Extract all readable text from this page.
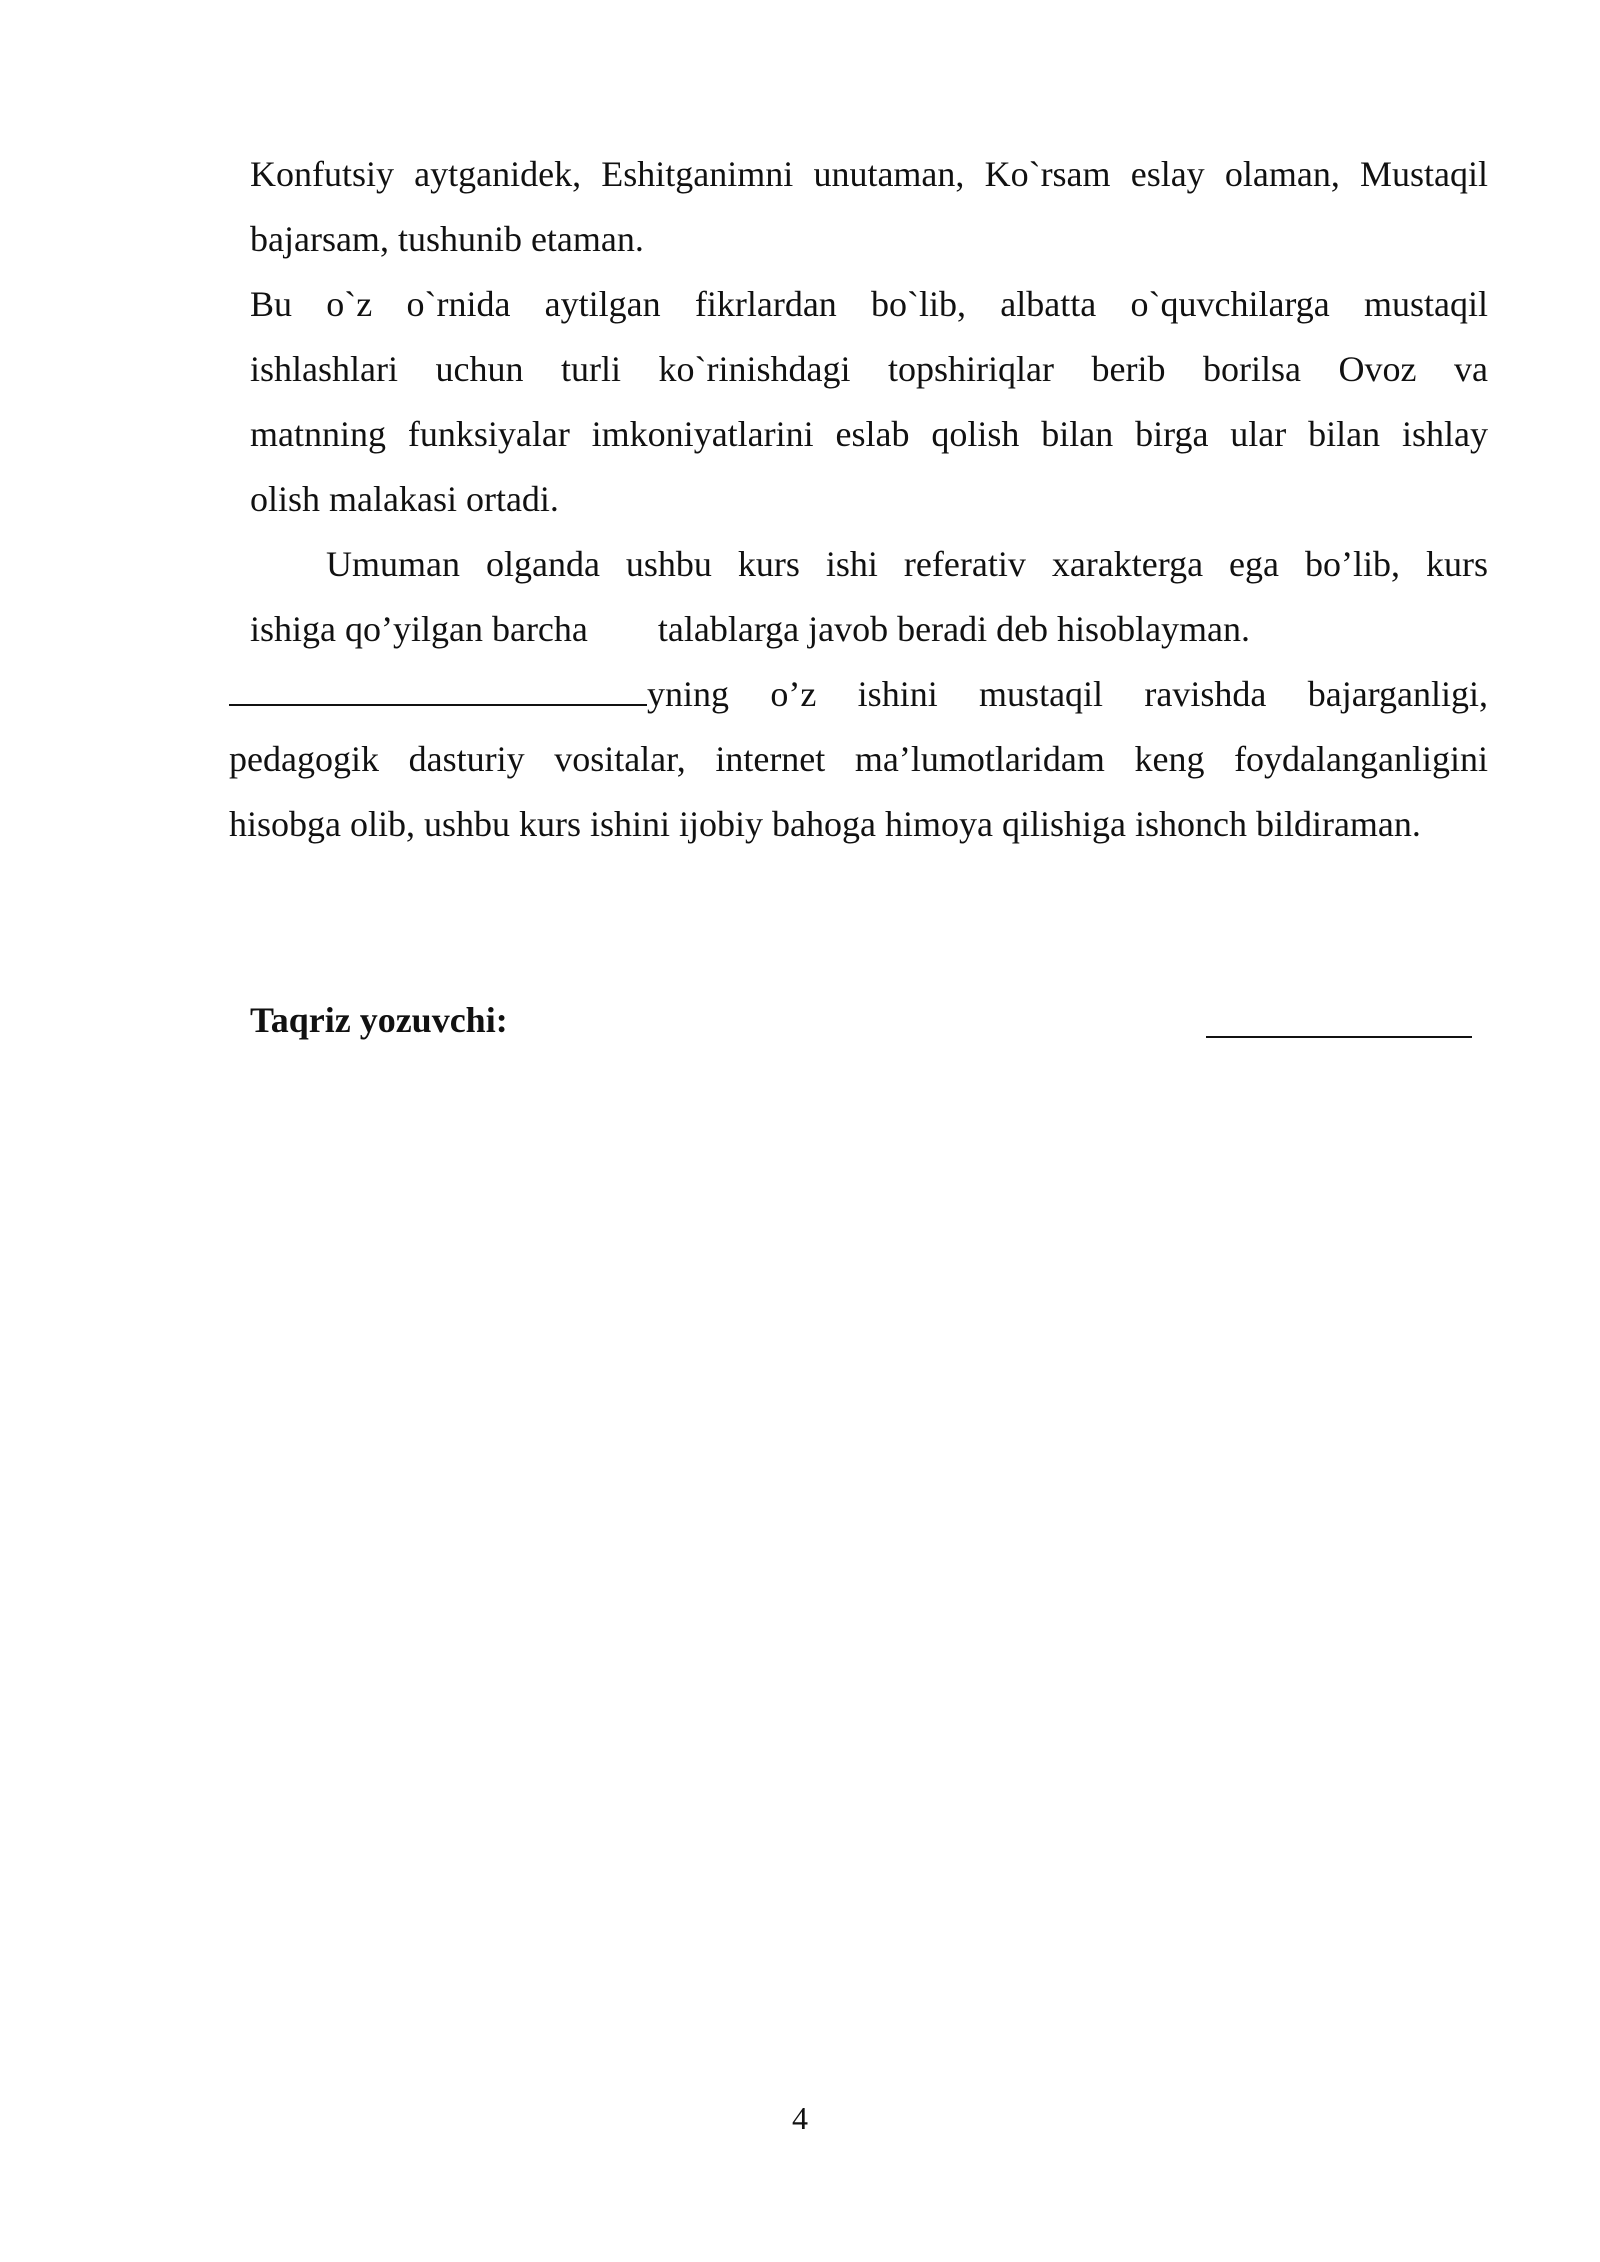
Konfutsiy aytganidek, Eshitganimni unutaman, Ko`rsam eslay olaman, Mustaqil
bajarsam, tushunib etaman.
Bu o`z o`rnida aytilgan fikrlardan bo`lib, albatta o`quvchilarga mustaqil
ishlashlari uchun turli ko`rinishdagi topshiriqlar berib borilsa Ovoz va
matnning funksiyalar imkoniyatlarini eslab qolish bilan birga ular bilan ishlay
olish malakasi ortadi.
Umuman olganda ushbu kurs ishi referativ xarakterga ega bo’lib, kurs
ishiga qo’yilgan barcha talablarga javob beradi deb hisoblayman.
yning o’z ishini mustaqil ravishda bajarganligi,
pedagogik dasturiy vositalar, internet ma’lumotlaridam keng foydalanganligini
hisobga olib, ushbu kurs ishini ijobiy bahoga himoya qilishiga ishonch bildiraman.
Taqriz yozuvchi:
4
